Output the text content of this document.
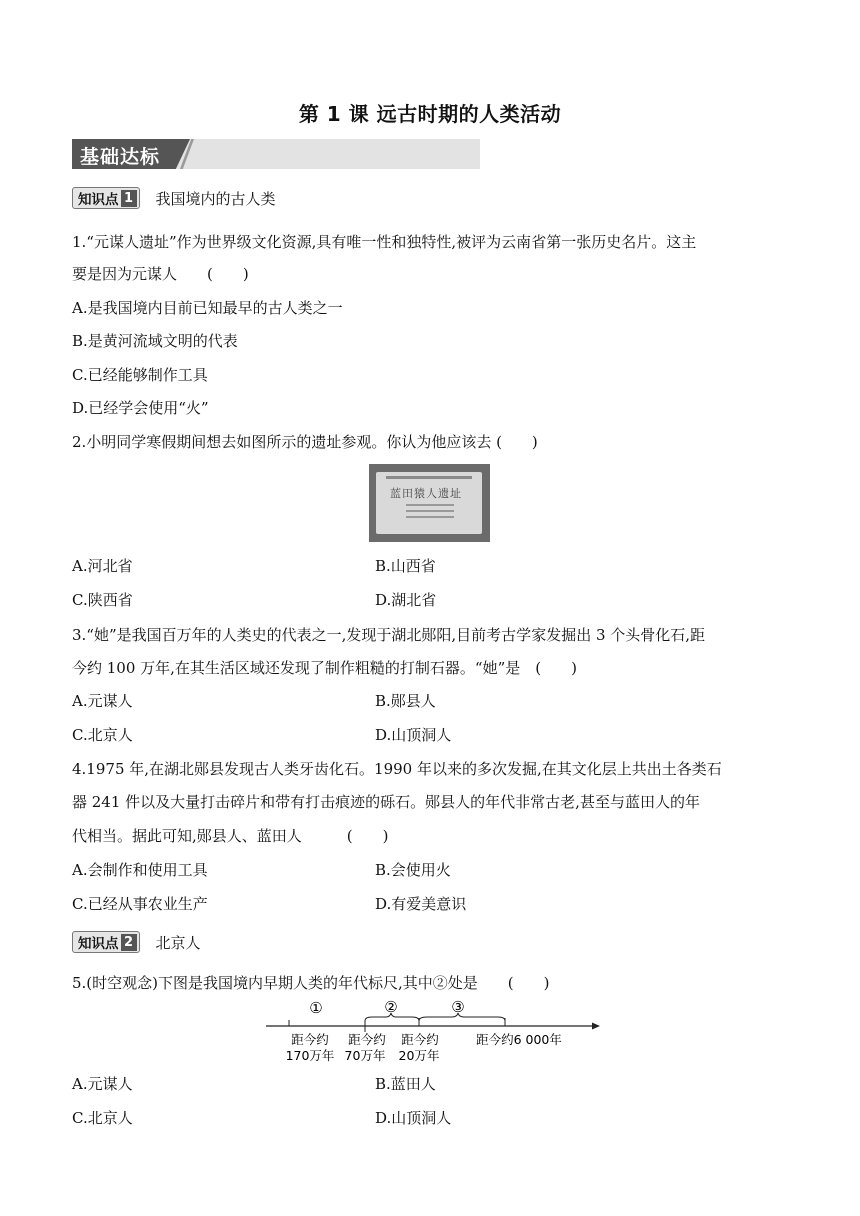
第 1 课 远古时期的人类活动
基础达标
知识点 1 我国境内的古人类
1.“元谋人遗址”作为世界级文化资源,具有唯一性和独特性,被评为云南省第一张历史名片。这主
要是因为元谋人　　(　　)
A.是我国境内目前已知最早的古人类之一
B.是黄河流域文明的代表
C.已经能够制作工具
D.已经学会使用“火”
2.小明同学寒假期间想去如图所示的遗址参观。你认为他应该去 (　　)
蓝田猿人遗址
A.河北省	B.山西省
C.陕西省	D.湖北省
3.“她”是我国百万年的人类史的代表之一,发现于湖北郧阳,目前考古学家发掘出 3 个头骨化石,距
今约 100 万年,在其生活区域还发现了制作粗糙的打制石器。“她”是　(　　)
A.元谋人	B.郧县人
C.北京人	D.山顶洞人
4.1975 年,在湖北郧县发现古人类牙齿化石。1990 年以来的多次发掘,在其文化层上共出土各类石
器 241 件以及大量打击碎片和带有打击痕迹的砾石。郧县人的年代非常古老,甚至与蓝田人的年
代相当。据此可知,郧县人、蓝田人　　　(　　)
A.会制作和使用工具	B.会使用火
C.已经从事农业生产	D.有爱美意识
知识点 2 北京人
5.(时空观念)下图是我国境内早期人类的年代标尺,其中②处是　　(　　)
①	②	③
距今约
170万年
距今约
70万年
距今约
20万年
距今约6 000年
A.元谋人	B.蓝田人
C.北京人	D.山顶洞人
